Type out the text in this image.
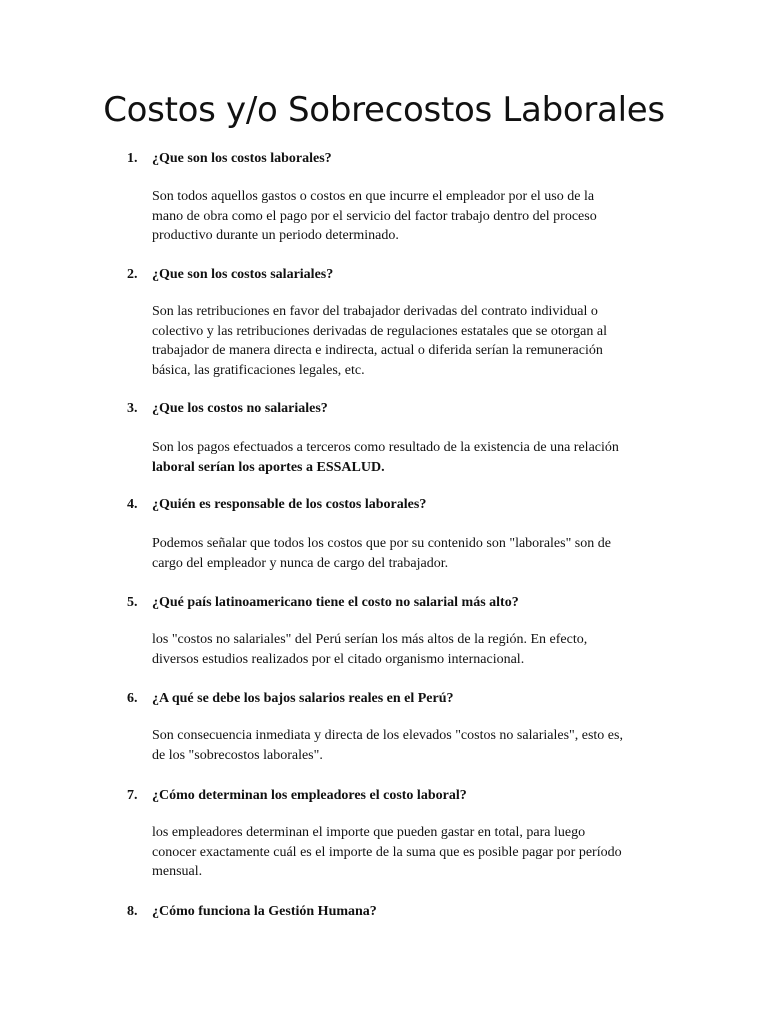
Costos y/o Sobrecostos Laborales
1. ¿Que son los costos laborales?
Son todos aquellos gastos o costos en que incurre el empleador por el uso de la
mano de obra como el pago por el servicio del factor trabajo dentro del proceso
productivo durante un periodo determinado.
2. ¿Que son los costos salariales?
Son las retribuciones en favor del trabajador derivadas del contrato individual o
colectivo y las retribuciones derivadas de regulaciones estatales que se otorgan al
trabajador de manera directa e indirecta, actual o diferida serían la remuneración
básica, las gratificaciones legales, etc.
3. ¿Que los costos no salariales?
Son los pagos efectuados a terceros como resultado de la existencia de una relación
laboral serían los aportes a ESSALUD.
4. ¿Quién es responsable de los costos laborales?
Podemos señalar que todos los costos que por su contenido son "laborales" son de
cargo del empleador y nunca de cargo del trabajador.
5. ¿Qué país latinoamericano tiene el costo no salarial más alto?
los "costos no salariales" del Perú serían los más altos de la región. En efecto,
diversos estudios realizados por el citado organismo internacional.
6. ¿A qué se debe los bajos salarios reales en el Perú?
Son consecuencia inmediata y directa de los elevados "costos no salariales", esto es,
de los "sobrecostos laborales".
7. ¿Cómo determinan los empleadores el costo laboral?
los empleadores determinan el importe que pueden gastar en total, para luego
conocer exactamente cuál es el importe de la suma que es posible pagar por período
mensual.
8. ¿Cómo funciona la Gestión Humana?
